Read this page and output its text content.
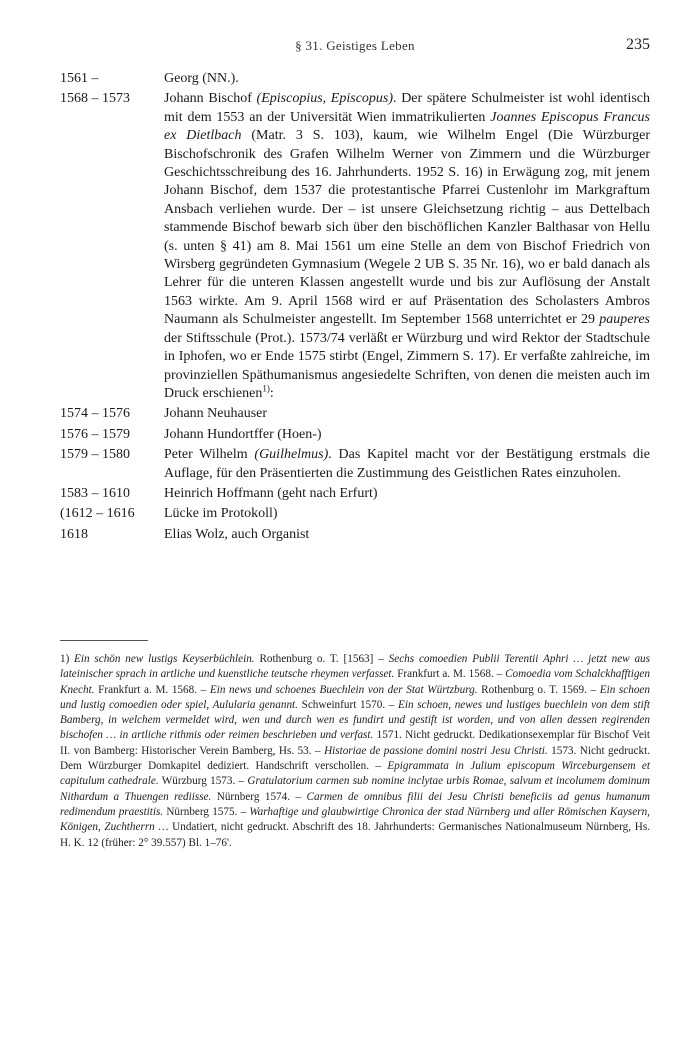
§ 31. Geistiges Leben	235
1561 –	Georg (NN.).
1568 – 1573	Johann Bischof (Episcopius, Episcopus). Der spätere Schulmeister ist wohl identisch mit dem 1553 an der Universität Wien immatrikulierten Joannes Episcopus Francus ex Dietlbach (Matr. 3 S. 103), kaum, wie Wilhelm Engel (Die Würzburger Bischofschronik des Grafen Wilhelm Werner von Zimmern und die Würzburger Geschichtsschreibung des 16. Jahrhunderts. 1952 S. 16) in Erwägung zog, mit jenem Johann Bischof, dem 1537 die protestantische Pfarrei Custenlohr im Markgraftum Ansbach verliehen wurde. Der – ist unsere Gleichsetzung richtig – aus Dettelbach stammende Bischof bewarb sich über den bischöflichen Kanzler Balthasar von Hellu (s. unten § 41) am 8. Mai 1561 um eine Stelle an dem von Bischof Friedrich von Wirsberg gegründeten Gymnasium (Wegele 2 UB S. 35 Nr. 16), wo er bald danach als Lehrer für die unteren Klassen angestellt wurde und bis zur Auflösung der Anstalt 1563 wirkte. Am 9. April 1568 wird er auf Präsentation des Scholasters Ambros Naumann als Schulmeister angestellt. Im September 1568 unterrichtet er 29 pauperes der Stiftsschule (Prot.). 1573/74 verläßt er Würzburg und wird Rektor der Stadtschule in Iphofen, wo er Ende 1575 stirbt (Engel, Zimmern S. 17). Er verfaßte zahlreiche, im provinziellen Späthumanismus angesiedelte Schriften, von denen die meisten auch im Druck erschienen$^{1)}$:
1574 – 1576	Johann Neuhauser
1576 – 1579	Johann Hundortffer (Hoen-)
1579 – 1580	Peter Wilhelm (Guilhelmus). Das Kapitel macht vor der Bestätigung erstmals die Auflage, für den Präsentierten die Zustimmung des Geistlichen Rates einzuholen.
1583 – 1610	Heinrich Hoffmann (geht nach Erfurt)
(1612 – 1616	Lücke im Protokoll)
1618	Elias Wolz, auch Organist
1) Ein schön new lustigs Keyserbüchlein. Rothenburg o. T. [1563] – Sechs comoedien Publii Terentii Aphri … jetzt new aus lateinischer sprach in artliche und kuenstliche teutsche rheymen verfasset. Frankfurt a. M. 1568. – Comoedia vom Schalckhafftigen Knecht. Frankfurt a. M. 1568. – Ein news und schoenes Buechlein von der Stat Würtzburg. Rothenburg o. T. 1569. – Ein schoen und lustig comoedien oder spiel, Aulularia genannt. Schweinfurt 1570. – Ein schoen, newes und lustiges buechlein von dem stift Bamberg, in welchem vermeldet wird, wen und durch wen es fundirt und gestift ist worden, und von allen dessen regirenden bischofen … in artliche rithmis oder reimen beschrieben und verfast. 1571. Nicht gedruckt. Dedikationsexemplar für Bischof Veit II. von Bamberg: Historischer Verein Bamberg, Hs. 53. – Historiae de passione domini nostri Jesu Christi. 1573. Nicht gedruckt. Dem Würzburger Domkapitel dediziert. Handschrift verschollen. – Epigrammata in Julium episcopum Wirceburgensem et capitulum cathedrale. Würzburg 1573. – Gratulatorium carmen sub nomine inclytae urbis Romae, salvum et incolumem dominum Nithardum a Thuengen rediisse. Nürnberg 1574. – Carmen de omnibus filii dei Jesu Christi beneficiis ad genus humanum redimendum praestitis. Nürnberg 1575. – Warhaftige und glaubwirtige Chronica der stad Nürnberg und aller Römischen Kaysern, Königen, Zuchtherrn … Undatiert, nicht gedruckt. Abschrift des 18. Jahrhunderts: Germanisches Nationalmuseum Nürnberg, Hs. H. K. 12 (früher: 2° 39.557) Bl. 1–76'.
